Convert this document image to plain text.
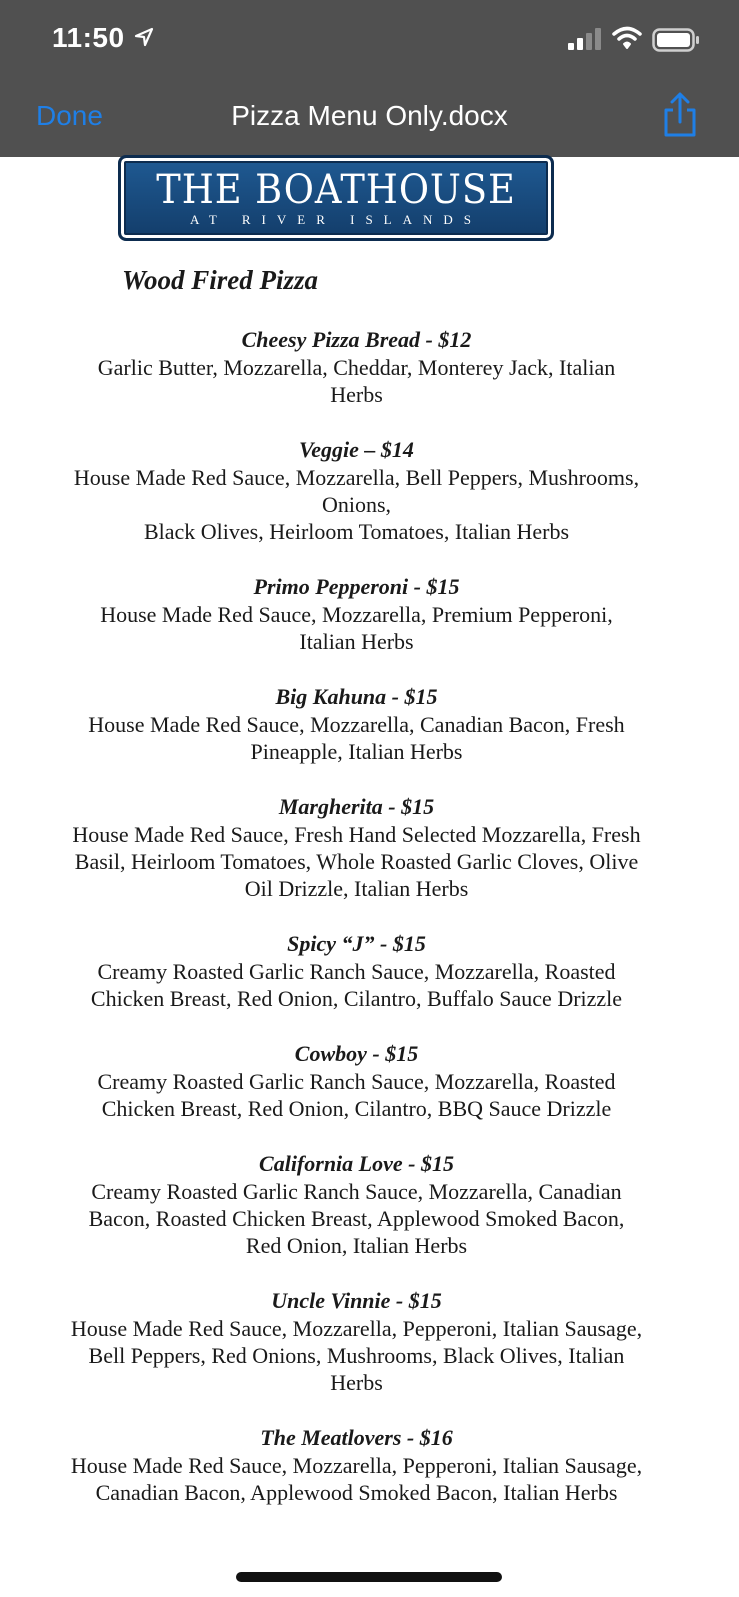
11:50
Done	Pizza Menu Only.docx
THE BOATHOUSE
AT RIVER ISLANDS
Wood Fired Pizza
Cheesy Pizza Bread - $12
Garlic Butter, Mozzarella, Cheddar, Monterey Jack, Italian
Herbs
Veggie – $14
House Made Red Sauce, Mozzarella, Bell Peppers, Mushrooms,
Onions,
Black Olives, Heirloom Tomatoes, Italian Herbs
Primo Pepperoni - $15
House Made Red Sauce, Mozzarella, Premium Pepperoni,
Italian Herbs
Big Kahuna - $15
House Made Red Sauce, Mozzarella, Canadian Bacon, Fresh
Pineapple, Italian Herbs
Margherita - $15
House Made Red Sauce, Fresh Hand Selected Mozzarella, Fresh
Basil, Heirloom Tomatoes, Whole Roasted Garlic Cloves, Olive
Oil Drizzle, Italian Herbs
Spicy “J” - $15
Creamy Roasted Garlic Ranch Sauce, Mozzarella, Roasted
Chicken Breast, Red Onion, Cilantro, Buffalo Sauce Drizzle
Cowboy - $15
Creamy Roasted Garlic Ranch Sauce, Mozzarella, Roasted
Chicken Breast, Red Onion, Cilantro, BBQ Sauce Drizzle
California Love - $15
Creamy Roasted Garlic Ranch Sauce, Mozzarella, Canadian
Bacon, Roasted Chicken Breast, Applewood Smoked Bacon,
Red Onion, Italian Herbs
Uncle Vinnie - $15
House Made Red Sauce, Mozzarella, Pepperoni, Italian Sausage,
Bell Peppers, Red Onions, Mushrooms, Black Olives, Italian
Herbs
The Meatlovers - $16
House Made Red Sauce, Mozzarella, Pepperoni, Italian Sausage,
Canadian Bacon, Applewood Smoked Bacon, Italian Herbs
